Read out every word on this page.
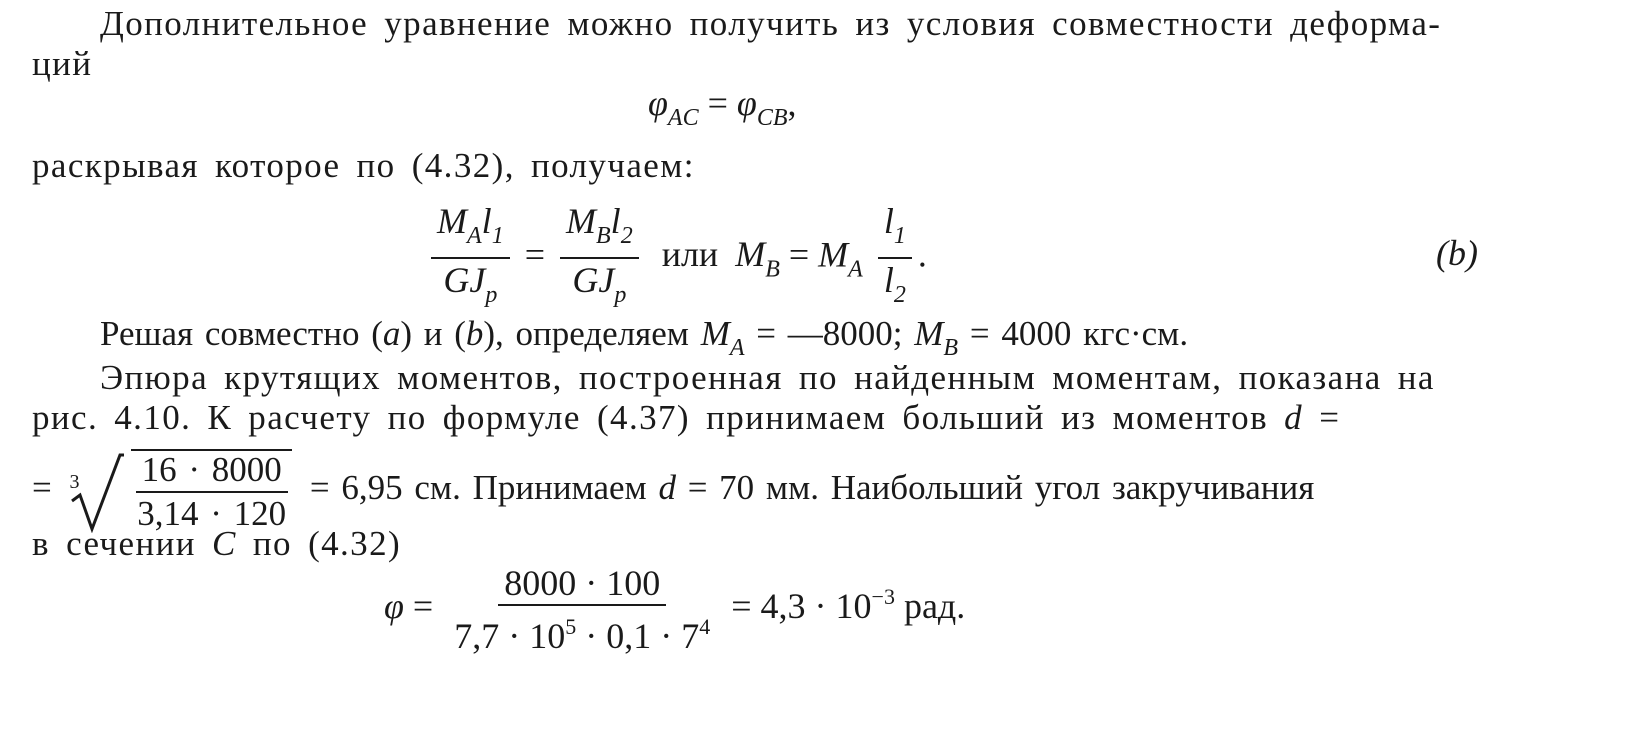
Дополнительное уравнение можно получить из условия совместности деформа-
ций
$\varphi_{AC} = \varphi_{CB}$,
раскрывая которое по (4.32), получаем:
$\frac{M_Al_1}{GJ_p} = \frac{M_Bl_2}{GJ_p}$ или $M_B = M_A \frac{l_1}{l_2}$ .	(b)
Решая совместно (a) и (b), определяем $M_A$ = —8000; $M_B = 4000$ кгс·см.
Эпюра крутящих моментов, построенная по найденным моментам, показана на
рис. 4.10. К расчету по формуле (4.37) принимаем больший из моментов d =
= 3
$\frac{16 \cdot 8000}{3,14 \cdot 120} = 6,95$ см. Принимаем d = 70 мм. Наибольший угол закручивания
в сечении C по (4.32)
$\varphi = \frac{8000 \cdot 100}{7,7 \cdot 10^5 \cdot 0,1 \cdot 7^4} = 4,3 \cdot 10^{-3}$ рад.
